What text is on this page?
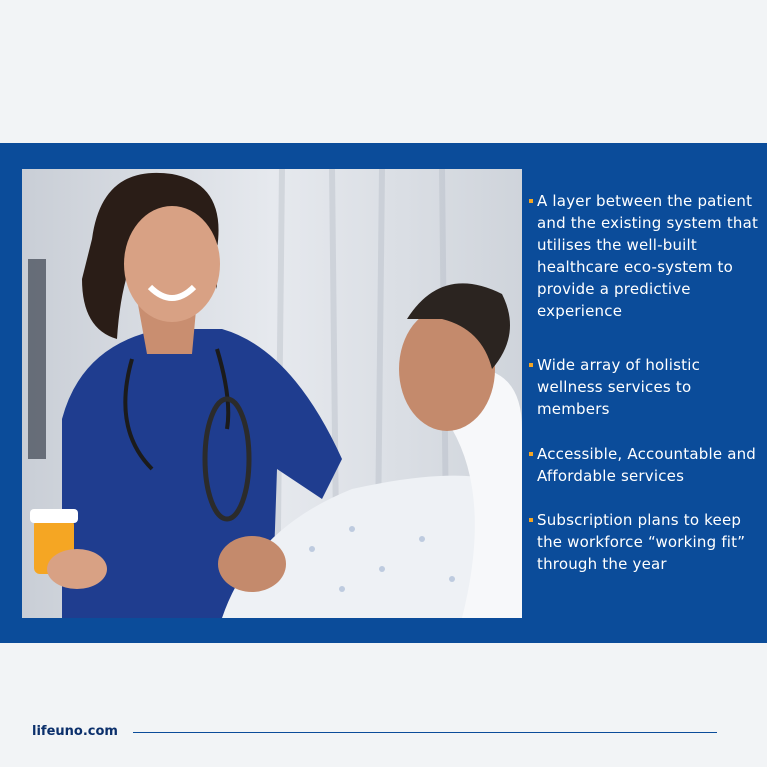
A layer between the patient and the existing system that utilises the well-built healthcare eco-system to provide a predictive experience
Wide array of holistic wellness services to members
Accessible, Accountable and Affordable services
Subscription plans to keep the workforce “working fit” through the year
lifeuno.com
